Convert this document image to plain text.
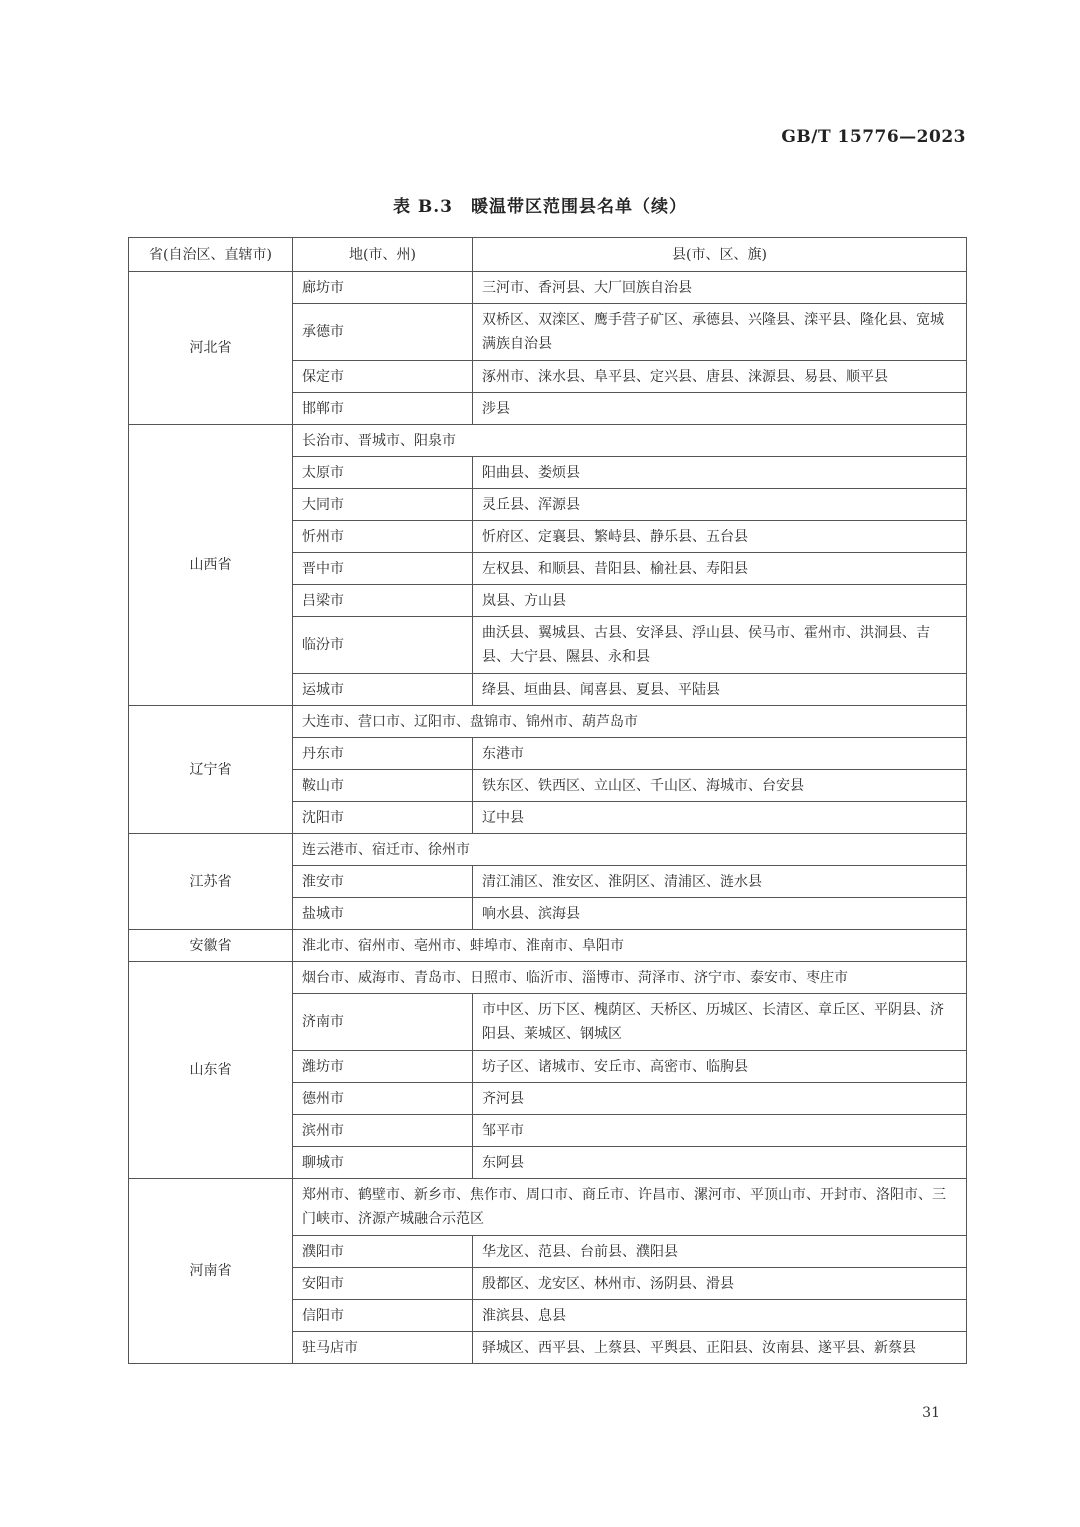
GB/T 15776—2023
表 B.3　暖温带区范围县名单（续）
省(自治区、直辖市)	地(市、州)	县(市、区、旗)
河北省	廊坊市	三河市、香河县、大厂回族自治县
	承德市	双桥区、双滦区、鹰手营子矿区、承德县、兴隆县、滦平县、隆化县、宽城满族自治县
	保定市	涿州市、涞水县、阜平县、定兴县、唐县、涞源县、易县、顺平县
	邯郸市	涉县
山西省	长治市、晋城市、阳泉市	
	太原市	阳曲县、娄烦县
	大同市	灵丘县、浑源县
	忻州市	忻府区、定襄县、繁峙县、静乐县、五台县
	晋中市	左权县、和顺县、昔阳县、榆社县、寿阳县
	吕梁市	岚县、方山县
	临汾市	曲沃县、翼城县、古县、安泽县、浮山县、侯马市、霍州市、洪洞县、吉县、大宁县、隰县、永和县
	运城市	绛县、垣曲县、闻喜县、夏县、平陆县
辽宁省	大连市、营口市、辽阳市、盘锦市、锦州市、葫芦岛市	
	丹东市	东港市
	鞍山市	铁东区、铁西区、立山区、千山区、海城市、台安县
	沈阳市	辽中县
江苏省	连云港市、宿迁市、徐州市	
	淮安市	清江浦区、淮安区、淮阴区、清浦区、涟水县
	盐城市	响水县、滨海县
安徽省	淮北市、宿州市、亳州市、蚌埠市、淮南市、阜阳市	
山东省	烟台市、威海市、青岛市、日照市、临沂市、淄博市、菏泽市、济宁市、泰安市、枣庄市	
	济南市	市中区、历下区、槐荫区、天桥区、历城区、长清区、章丘区、平阴县、济阳县、莱城区、钢城区
	潍坊市	坊子区、诸城市、安丘市、高密市、临朐县
	德州市	齐河县
	滨州市	邹平市
	聊城市	东阿县
河南省	郑州市、鹤壁市、新乡市、焦作市、周口市、商丘市、许昌市、漯河市、平顶山市、开封市、洛阳市、三门峡市、济源产城融合示范区	
	濮阳市	华龙区、范县、台前县、濮阳县
	安阳市	殷都区、龙安区、林州市、汤阴县、滑县
	信阳市	淮滨县、息县
	驻马店市	驿城区、西平县、上蔡县、平舆县、正阳县、汝南县、遂平县、新蔡县
31
